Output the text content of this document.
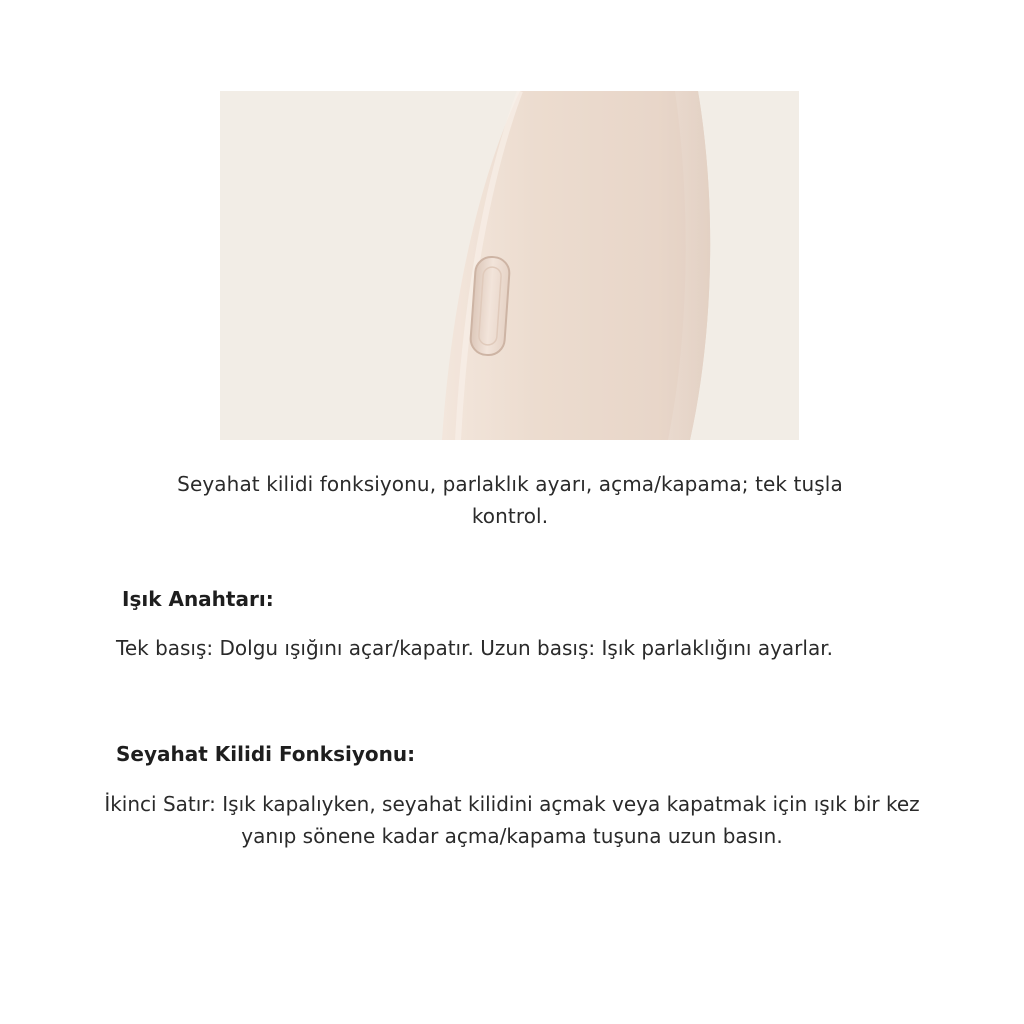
Seyahat kilidi fonksiyonu, parlaklık ayarı, açma/kapama; tek tuşla kontrol.
Işık Anahtarı:
Tek basış: Dolgu ışığını açar/kapatır. Uzun basış: Işık parlaklığını ayarlar.
Seyahat Kilidi Fonksiyonu:
İkinci Satır: Işık kapalıyken, seyahat kilidini açmak veya kapatmak için ışık bir kez yanıp sönene kadar açma/kapama tuşuna uzun basın.
